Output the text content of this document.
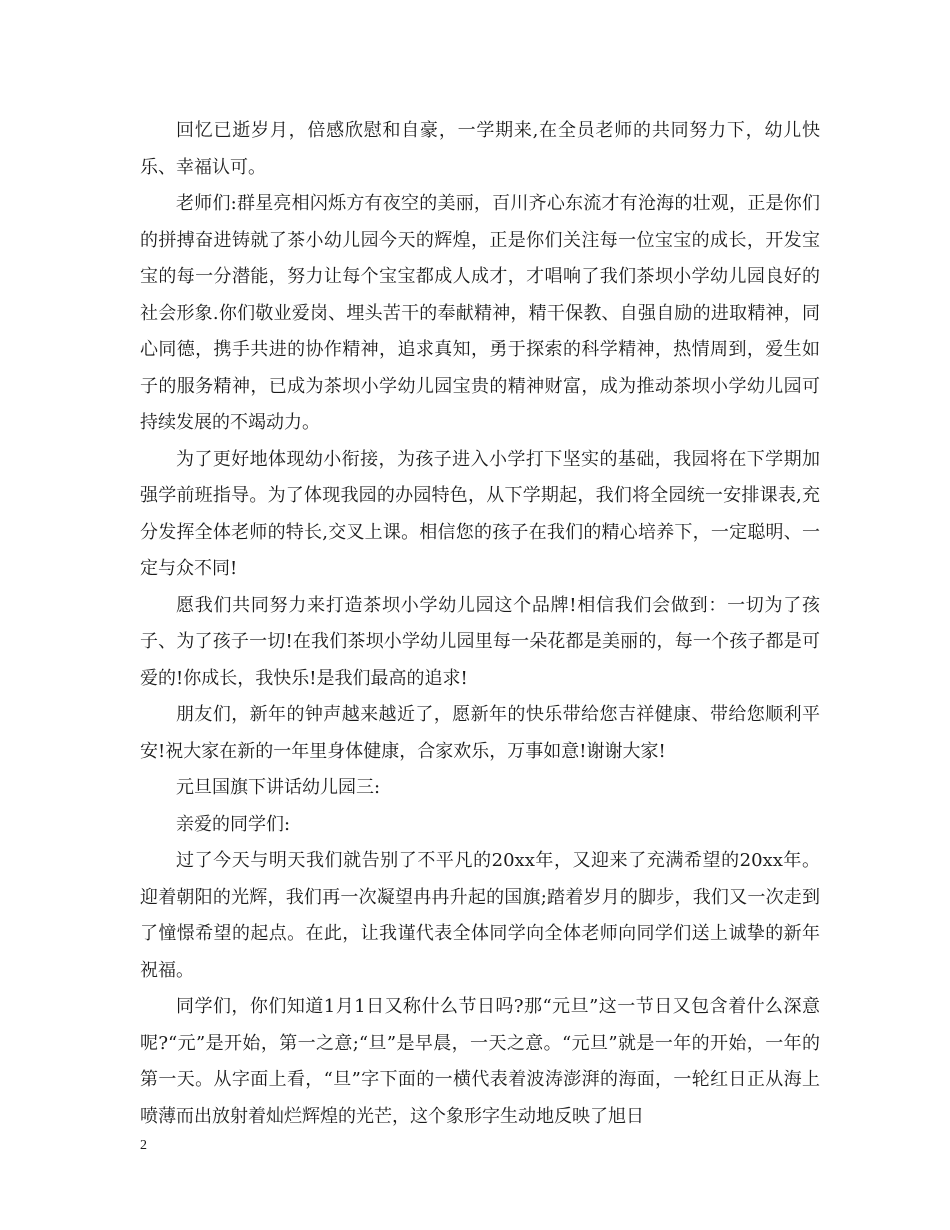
回忆已逝岁月，倍感欣慰和自豪，一学期来,在全员老师的共同努力下，幼儿快乐、幸福认可。

老师们:群星亮相闪烁方有夜空的美丽，百川齐心东流才有沧海的壮观，正是你们的拼搏奋进铸就了茶小幼儿园今天的辉煌，正是你们关注每一位宝宝的成长，开发宝宝的每一分潜能，努力让每个宝宝都成人成才，才唱响了我们茶坝小学幼儿园良好的社会形象.你们敬业爱岗、埋头苦干的奉献精神，精干保教、自强自励的进取精神，同心同德，携手共进的协作精神，追求真知，勇于探索的科学精神，热情周到，爱生如子的服务精神，已成为茶坝小学幼儿园宝贵的精神财富，成为推动茶坝小学幼儿园可持续发展的不竭动力。

为了更好地体现幼小衔接，为孩子进入小学打下坚实的基础，我园将在下学期加强学前班指导。为了体现我园的办园特色，从下学期起，我们将全园统一安排课表,充分发挥全体老师的特长,交叉上课。相信您的孩子在我们的精心培养下，一定聪明、一定与众不同!

愿我们共同努力来打造茶坝小学幼儿园这个品牌!相信我们会做到：一切为了孩子、为了孩子一切!在我们茶坝小学幼儿园里每一朵花都是美丽的，每一个孩子都是可爱的!你成长，我快乐!是我们最高的追求!

朋友们，新年的钟声越来越近了，愿新年的快乐带给您吉祥健康、带给您顺利平安!祝大家在新的一年里身体健康，合家欢乐，万事如意!谢谢大家!

元旦国旗下讲话幼儿园三:

亲爱的同学们:

过了今天与明天我们就告别了不平凡的20xx年，又迎来了充满希望的20xx年。迎着朝阳的光辉，我们再一次凝望冉冉升起的国旗;踏着岁月的脚步，我们又一次走到了憧憬希望的起点。在此，让我谨代表全体同学向全体老师向同学们送上诚挚的新年祝福。

同学们，你们知道1月1日又称什么节日吗?那“元旦”这一节日又包含着什么深意呢?“元”是开始，第一之意;“旦”是早晨，一天之意。“元旦”就是一年的开始，一年的第一天。从字面上看，“旦”字下面的一横代表着波涛澎湃的海面，一轮红日正从海上喷薄而出放射着灿烂辉煌的光芒，这个象形字生动地反映了旭日

2
